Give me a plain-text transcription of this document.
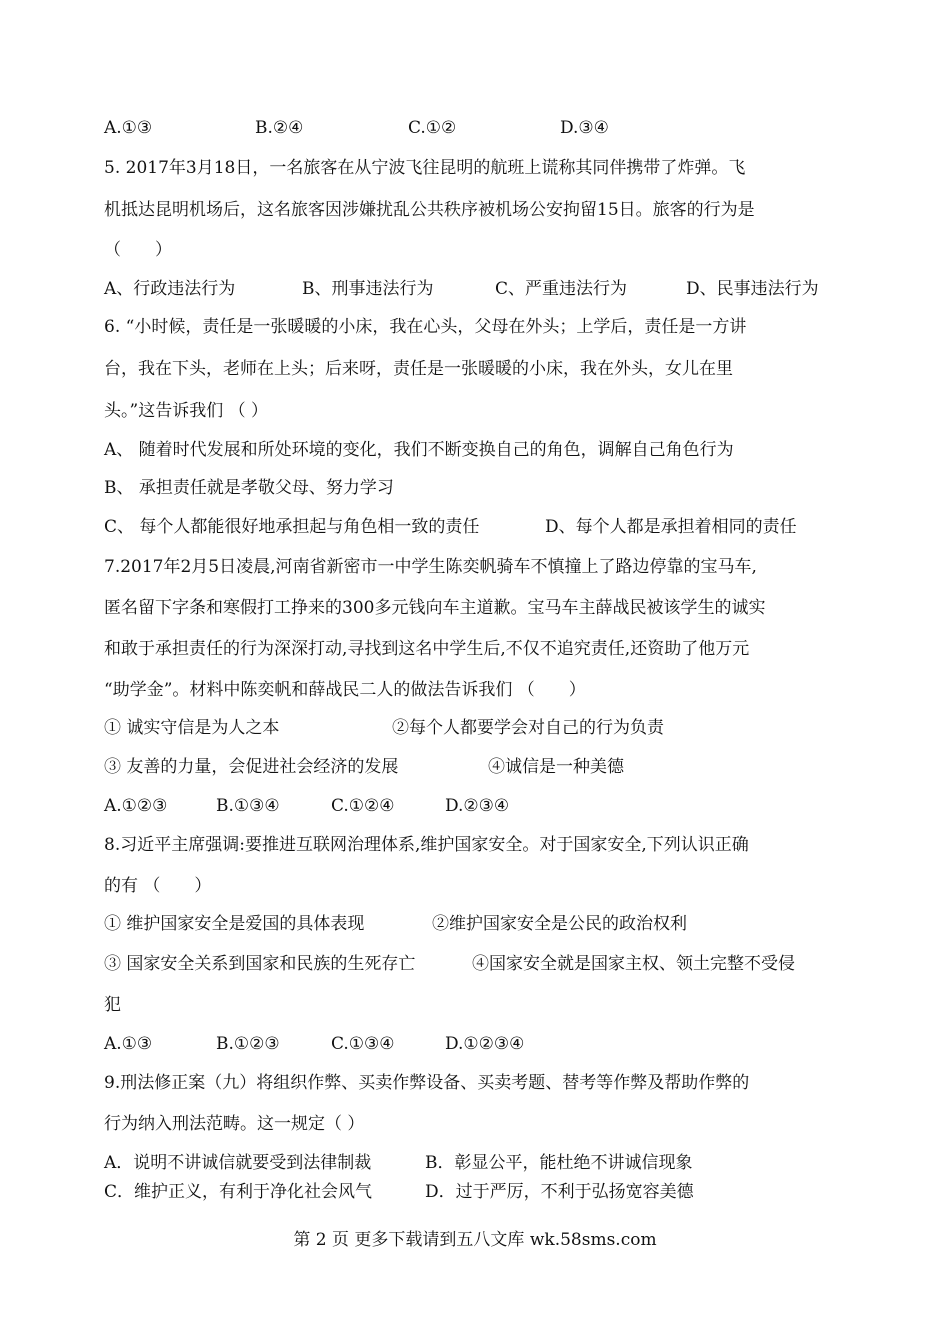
A.①③	B.②④	C.①②	D.③④
5. 2017年3月18日，一名旅客在从宁波飞往昆明的航班上谎称其同伴携带了炸弹。飞
机抵达昆明机场后，这名旅客因涉嫌扰乱公共秩序被机场公安拘留15日。旅客的行为是
（　　）
A、行政违法行为	B、刑事违法行为	C、严重违法行为	D、民事违法行为
6. “小时候，责任是一张暖暖的小床，我在心头，父母在外头；上学后，责任是一方讲
台，我在下头，老师在上头；后来呀，责任是一张暖暖的小床，我在外头，女儿在里
头。”这告诉我们 （ ）
A、 随着时代发展和所处环境的变化，我们不断变换自己的角色，调解自己角色行为
B、 承担责任就是孝敬父母、努力学习
C、 每个人都能很好地承担起与角色相一致的责任	D、每个人都是承担着相同的责任
7.2017年2月5日凌晨,河南省新密市一中学生陈奕帆骑车不慎撞上了路边停靠的宝马车,
匿名留下字条和寒假打工挣来的300多元钱向车主道歉。宝马车主薛战民被该学生的诚实
和敢于承担责任的行为深深打动,寻找到这名中学生后,不仅不追究责任,还资助了他万元
“助学金”。材料中陈奕帆和薛战民二人的做法告诉我们 （　　）
① 诚实守信是为人之本	②每个人都要学会对自己的行为负责
③ 友善的力量，会促进社会经济的发展	④诚信是一种美德
A.①②③	B.①③④	C.①②④	D.②③④
8.习近平主席强调:要推进互联网治理体系,维护国家安全。对于国家安全,下列认识正确
的有 （　　）
① 维护国家安全是爱国的具体表现	②维护国家安全是公民的政治权利
③ 国家安全关系到国家和民族的生死存亡	④国家安全就是国家主权、领土完整不受侵
犯
A.①③	B.①②③	C.①③④	D.①②③④
9.刑法修正案（九）将组织作弊、买卖作弊设备、买卖考题、替考等作弊及帮助作弊的
行为纳入刑法范畴。这一规定（ ）
A．说明不讲诚信就要受到法律制裁	B．彰显公平，能杜绝不讲诚信现象
C．维护正义，有利于净化社会风气	D．过于严厉，不利于弘扬宽容美德
第 2 页 更多下载请到五八文库 wk.58sms.com
